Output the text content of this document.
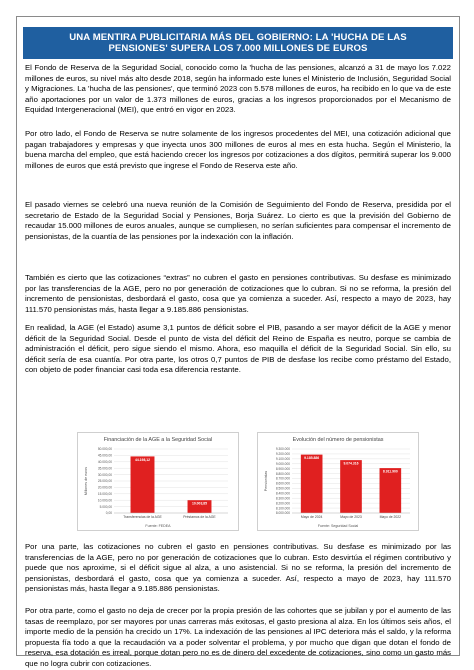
UNA MENTIRA PUBLICITARIA MÁS DEL GOBIERNO: LA 'HUCHA DE LAS
PENSIONES' SUPERA LOS 7.000 MILLONES DE EUROS

El Fondo de Reserva de la Seguridad Social, conocido como la 'hucha de las pensiones, alcanzó a 31 de mayo los 7.022 millones de euros, su nivel más alto desde 2018, según ha informado este lunes el Ministerio de Inclusión, Seguridad Social y Migraciones. La 'hucha de las pensiones', que terminó 2023 con 5.578 millones de euros, ha recibido en lo que va de este año aportaciones por un valor de 1.373 millones de euros, gracias a los ingresos proporcionados por el Mecanismo de Equidad Intergeneracional (MEI), que entró en vigor en 2023.

Por otro lado, el Fondo de Reserva se nutre solamente de los ingresos procedentes del MEI, una cotización adicional que pagan trabajadores y empresas y que inyecta unos 300 millones de euros al mes en esta hucha. Según el Ministerio, la buena marcha del empleo, que está haciendo crecer los ingresos por cotizaciones a dos dígitos, permitirá superar los 9.000 millones de euros que está previsto que ingrese el Fondo de Reserva este año.

El pasado viernes se celebró una nueva reunión de la Comisión de Seguimiento del Fondo de Reserva, presidida por el secretario de Estado de la Seguridad Social y Pensiones, Borja Suárez. Lo cierto es que la previsión del Gobierno de recaudar 15.000 millones de euros anuales, aunque se cumpliesen, no serían suficientes para compensar el incremento de pensionistas, de la cuantía de las pensiones por la indexación con la inflación.

También es cierto que las cotizaciones “extras” no cubren el gasto en pensiones contributivas. Su desfase es minimizado por las transferencias de la AGE, pero no por generación de cotizaciones que lo cubran. Si no se reforma, la presión del incremento de pensionistas, desbordará el gasto, cosa que ya comienza a suceder. Así, respecto a mayo de 2023, hay 111.570 pensionistas más, hasta llegar a 9.185.886 pensionistas.

En realidad, la AGE (el Estado) asume 3,1 puntos de déficit sobre el PIB, pasando a ser mayor déficit de la AGE y menor déficit de la Seguridad Social. Desde el punto de vista del déficit del Reino de España es neutro, porque se cambia de administración el déficit, pero sigue siendo el mismo. Ahora, eso maquilla el déficit de la Seguridad Social. Sin ello, su déficit sería de esa cuantía. Por otra parte, los otros 0,7 puntos de PIB de desfase los recibe como préstamo del Estado, con objeto de poder financiar casi toda esa diferencia restante.

Financiación de la AGE a la Seguridad Social
0,00
5.000,00
10.000,00
15.000,00
20.000,00
25.000,00
30.000,00
35.000,00
40.000,00
45.000,00
50.000,00
Millones de euros
44.198,12
Transferencias de la AGE
10.003,85
Préstamos de la AGE
Fuente: FEDEA
Evolución del número de pensionistas
8.000.000
8.100.000
8.200.000
8.300.000
8.400.000
8.500.000
8.600.000
8.700.000
8.800.000
8.900.000
9.000.000
9.100.000
9.200.000
9.300.000
Pensionistas
9.185.886
Mayo de 2024
9.074.316
Mayo de 2023
8.911.900
Mayo de 2022
Fuente: Seguridad Social

Por una parte, las cotizaciones no cubren el gasto en pensiones contributivas. Su desfase es minimizado por las transferencias de la AGE, pero no por generación de cotizaciones que lo cubran. Esto desvirtúa el régimen contributivo y puede que nos aproxime, si el déficit sigue al alza, a uno asistencial. Si no se reforma, la presión del incremento de pensionistas, desbordará el gasto, cosa que ya comienza a suceder. Así, respecto a mayo de 2023, hay 111.570 pensionistas más, hasta llegar a 9.185.886 pensionistas.

Por otra parte, como el gasto no deja de crecer por la propia presión de las cohortes que se jubilan y por el aumento de las tasas de reemplazo, por ser mayores por unas carreras más exitosas, el gasto presiona al alza. En los últimos seis años, el importe medio de la pensión ha crecido un 17%. La indexación de las pensiones al IPC deteriora más el saldo, y la reforma propuesta fía todo a que la recaudación va a poder solventar el problema, y por mucho que digan que dotan el fondo de reserva, esa dotación es irreal, porque dotan pero no es de dinero del excedente de cotizaciones, sino como un gasto más que no logra cubrir con cotizaciones.
